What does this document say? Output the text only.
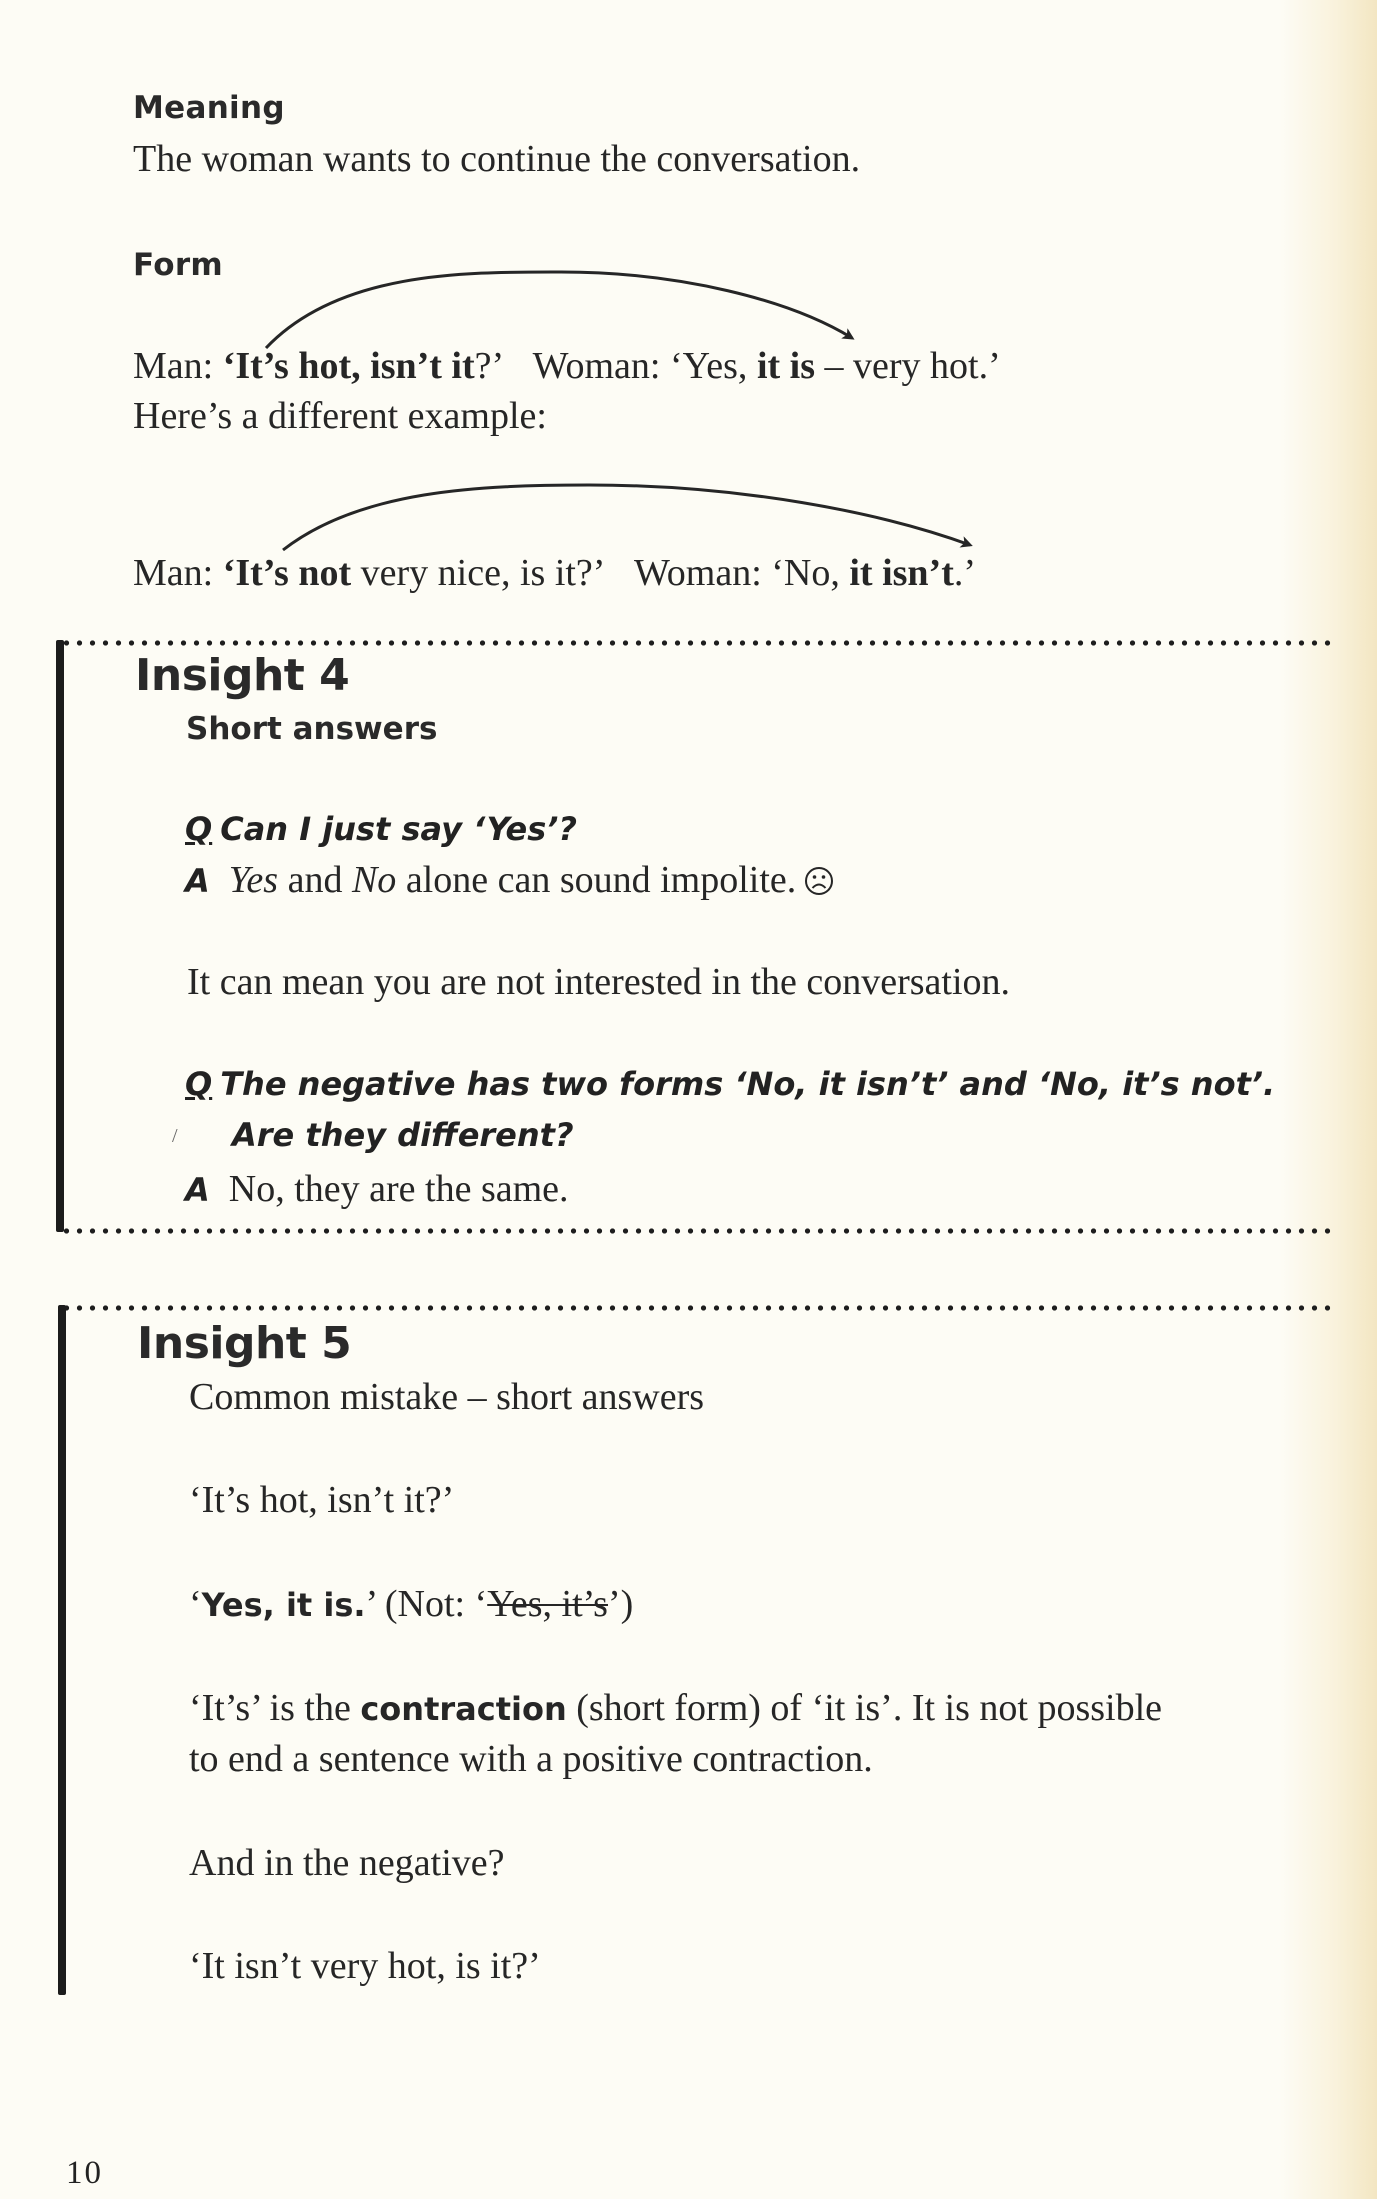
Meaning
The woman wants to continue the conversation.
Form
Man: ‘It’s hot, isn’t it?’ Woman: ‘Yes, it is – very hot.’
Here’s a different example:
Man: ‘It’s not very nice, is it?’ Woman: ‘No, it isn’t.’
Insight 4
Short answers
Q Can I just say ‘Yes’?
A Yes and No alone can sound impolite.
It can mean you are not interested in the conversation.
Q The negative has two forms ‘No, it isn’t’ and ‘No, it’s not’.
/ Are they different?
A No, they are the same.
Insight 5
Common mistake – short answers
‘It’s hot, isn’t it?’
‘Yes, it is.’ (Not: ‘Yes, it’s’)
‘It’s’ is the contraction (short form) of ‘it is’. It is not possible
to end a sentence with a positive contraction.
And in the negative?
‘It isn’t very hot, is it?’
10
